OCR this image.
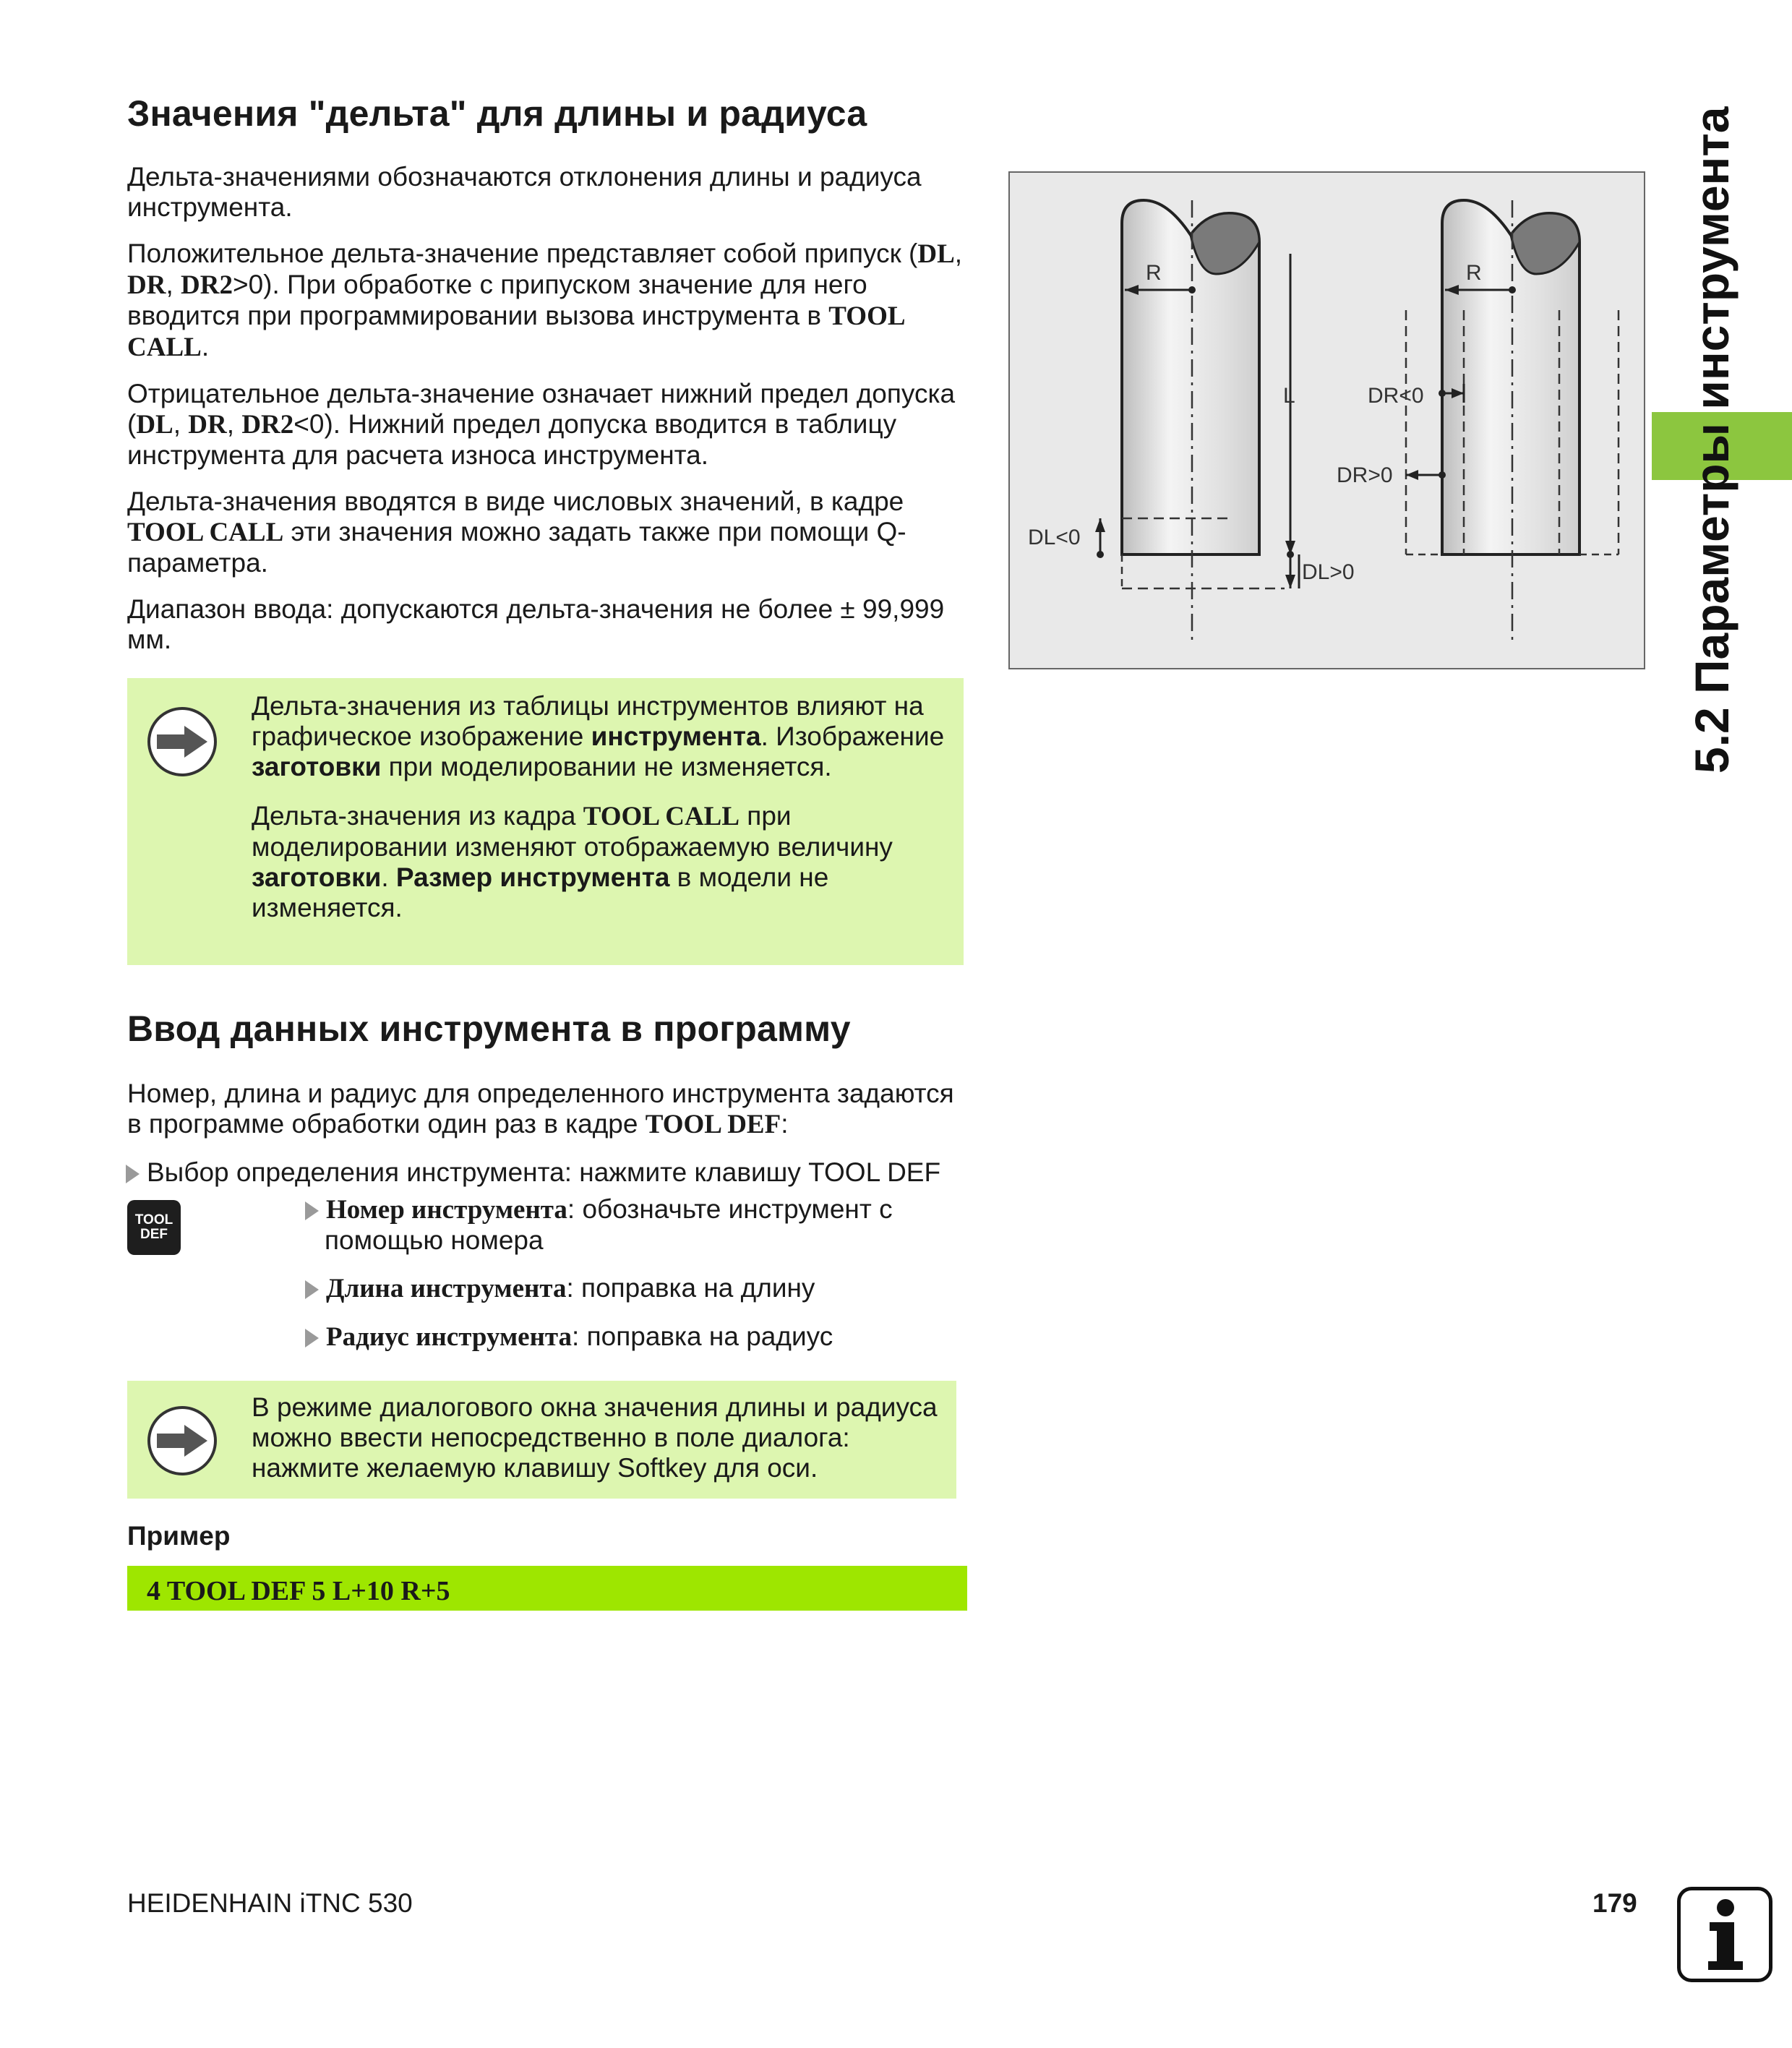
Значения "дельта" для длины и радиуса

Дельта-значениями обозначаются отклонения длины и радиуса инструмента.

Положительное дельта-значение представляет собой припуск (DL, DR, DR2>0). При обработке с припуском значение для него вводится при программировании вызова инструмента в TOOL CALL.

Отрицательное дельта-значение означает нижний предел допуска (DL, DR, DR2<0). Нижний предел допуска вводится в таблицу инструмента для расчета износа инструмента.

Дельта-значения вводятся в виде числовых значений, в кадре TOOL CALL эти значения можно задать также при помощи Q-параметра.

Диапазон ввода: допускаются дельта-значения не более ± 99,999 мм.

Дельта-значения из таблицы инструментов влияют на графическое изображение инструмента. Изображение заготовки при моделировании не изменяется.

Дельта-значения из кадра TOOL CALL при моделировании изменяют отображаемую величину заготовки. Размер инструмента в модели не изменяется.

Ввод данных инструмента в программу

Номер, длина и радиус для определенного инструмента задаются в программе обработки один раз в кадре TOOL DEF:

Выбор определения инструмента: нажмите клавишу TOOL DEF

TOOL
DEF

Номер инструмента: обозначьте инструмент с помощью номера

Длина инструмента: поправка на длину

Радиус инструмента: поправка на радиус

В режиме диалогового окна значения длины и радиуса можно ввести непосредственно в поле диалога: нажмите желаемую клавишу Softkey для оси.

Пример
4 TOOL DEF 5 L+10 R+5
R	R
L
DL<0
DL>0
DR<0
DR>0	5.2 Параметры инструмента
HEIDENHAIN iTNC 530	179
